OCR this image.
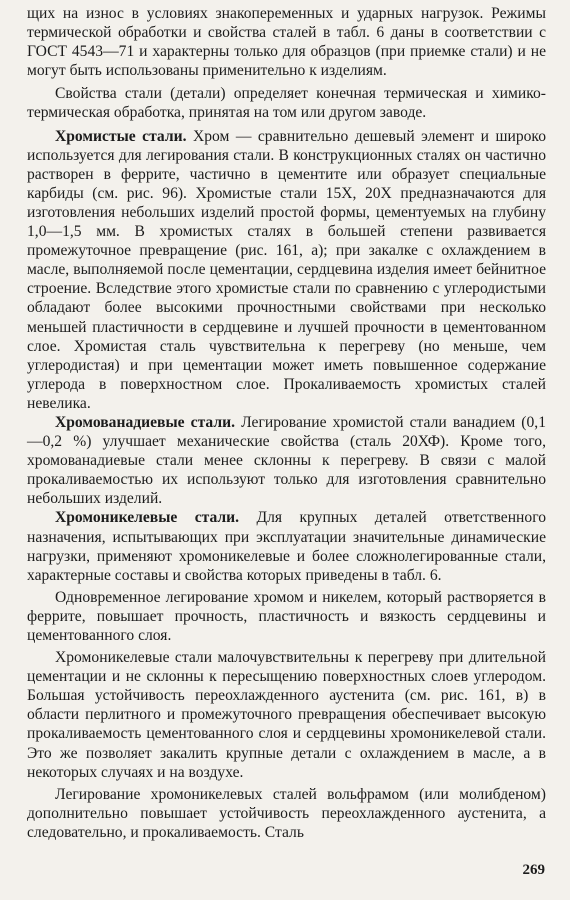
щих на износ в условиях знакопеременных и ударных нагрузок. Режимы термической обработки и свойства сталей в табл. 6 даны в соответствии с ГОСТ 4543—71 и характерны только для образцов (при приемке стали) и не могут быть использованы применительно к изделиям.

Свойства стали (детали) определяет конечная термическая и химико-термическая обработка, принятая на том или другом заводе.

Хромистые стали. Хром — сравнительно дешевый элемент и широко используется для легирования стали. В конструкционных сталях он частично растворен в феррите, частично в цементите или образует специальные карбиды (см. рис. 96). Хромистые стали 15Х, 20Х предназначаются для изготовления небольших изделий простой формы, цементуемых на глубину 1,0—1,5 мм. В хромистых сталях в большей степени развивается промежуточное превращение (рис. 161, а); при закалке с охлаждением в масле, выполняемой после цементации, сердцевина изделия имеет бейнитное строение. Вследствие этого хромистые стали по сравнению с углеродистыми обладают более высокими прочностными свойствами при несколько меньшей пластичности в сердцевине и лучшей прочности в цементованном слое. Хромистая сталь чувствительна к перегреву (но меньше, чем углеродистая) и при цементации может иметь повышенное содержание углерода в поверхностном слое. Прокаливаемость хромистых сталей невелика.

Хромованадиевые стали. Легирование хромистой стали ванадием (0,1—0,2 %) улучшает механические свойства (сталь 20ХФ). Кроме того, хромованадиевые стали менее склонны к перегреву. В связи с малой прокаливаемостью их используют только для изготовления сравнительно небольших изделий.

Хромоникелевые стали. Для крупных деталей ответственного назначения, испытывающих при эксплуатации значительные динамические нагрузки, применяют хромоникелевые и более сложнолегированные стали, характерные составы и свойства которых приведены в табл. 6.

Одновременное легирование хромом и никелем, который растворяется в феррите, повышает прочность, пластичность и вязкость сердцевины и цементованного слоя.

Хромоникелевые стали малочувствительны к перегреву при длительной цементации и не склонны к пересыщению поверхностных слоев углеродом. Большая устойчивость переохлажденного аустенита (см. рис. 161, в) в области перлитного и промежуточного превращения обеспечивает высокую прокаливаемость цементованного слоя и сердцевины хромоникелевой стали. Это же позволяет закалить крупные детали с охлаждением в масле, а в некоторых случаях и на воздухе.

Легирование хромоникелевых сталей вольфрамом (или молибденом) дополнительно повышает устойчивость переохлажденного аустенита, а следовательно, и прокаливаемость. Сталь

269
